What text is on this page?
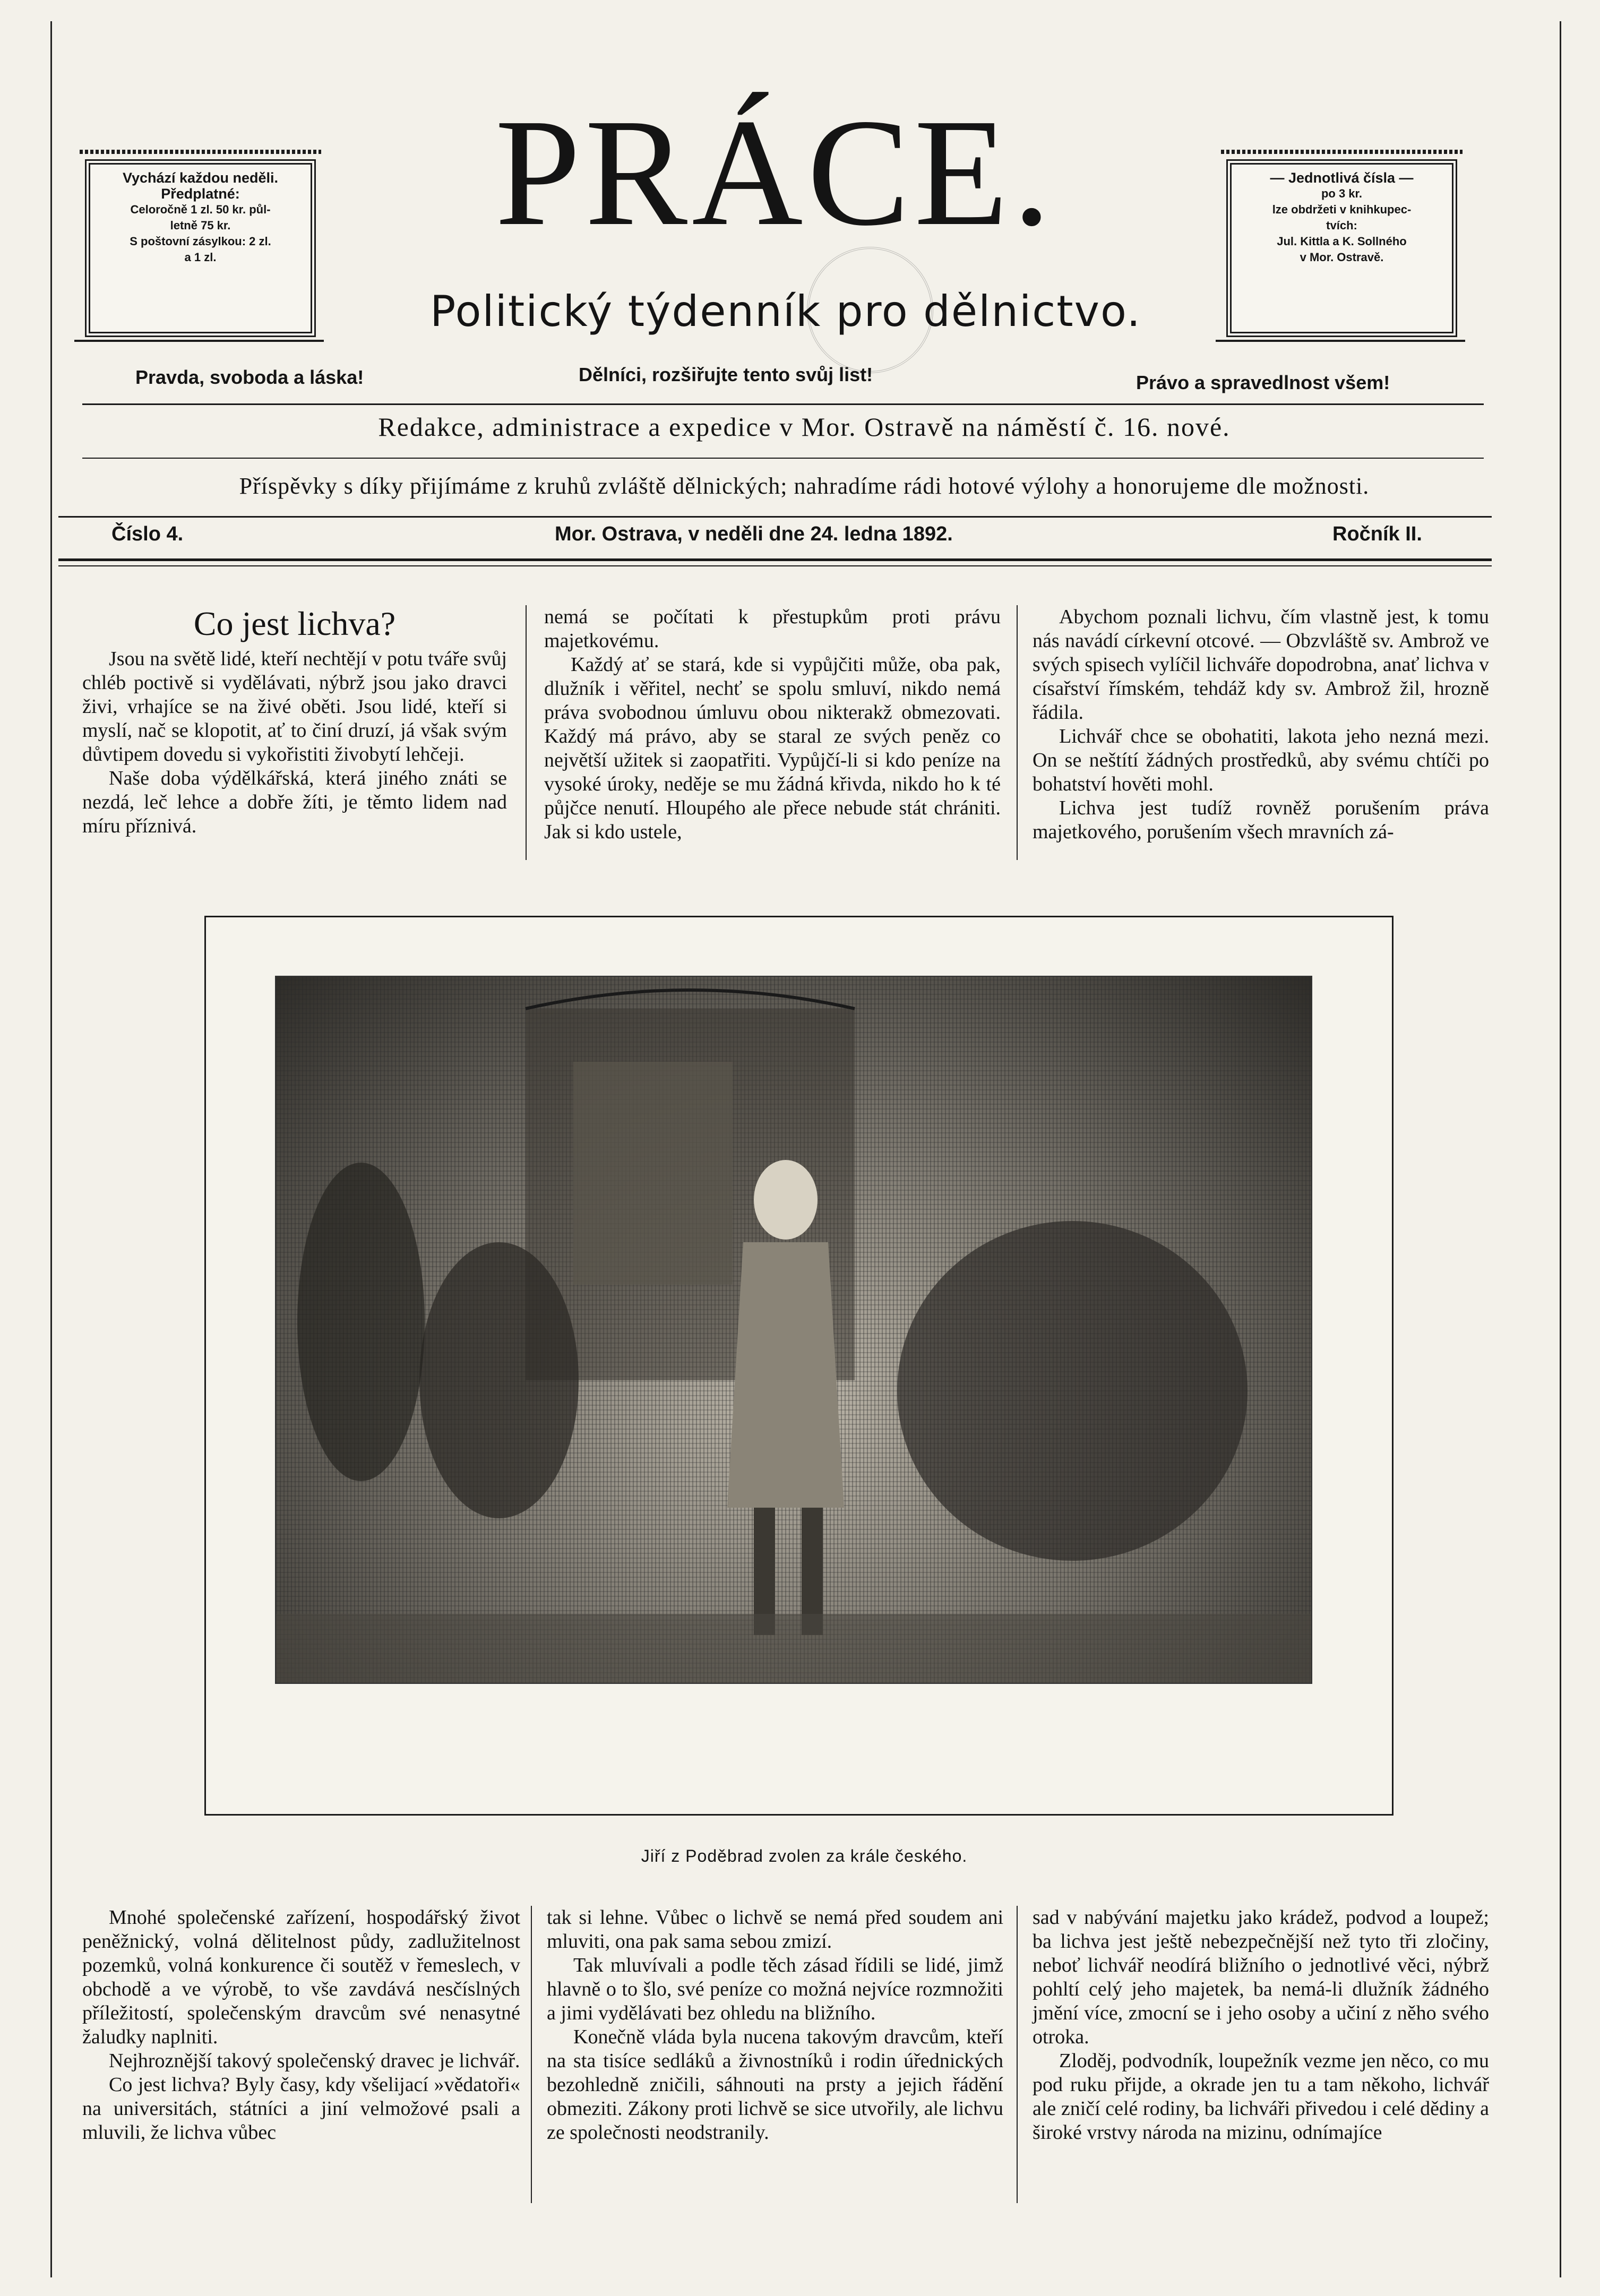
Vychází každou neděli.
Předplatné:
Celoročně 1 zl. 50 kr. půl-
letně 75 kr.
S poštovní zásylkou: 2 zl.
a 1 zl.
— Jednotlivá čísla —
po 3 kr.
lze obdržeti v knihkupec-
tvích:
Jul. Kittla a K. Sollného
v Mor. Ostravě.
PRÁCE.
Politický týdenník pro dělnictvo.
Pravda, svoboda a láska!	Dělníci, rozšiřujte tento svůj list!	Právo a spravedlnost všem!
Redakce, administrace a expedice v Mor. Ostravě na náměstí č. 16. nové.
Příspěvky s díky přijímáme z kruhů zvláště dělnických; nahradíme rádi hotové výlohy a honorujeme dle možnosti.
Číslo 4.	Mor. Ostrava, v neděli dne 24. ledna 1892.	Ročník II.
Co jest lichva?

Jsou na světě lidé, kteří nechtějí v potu tváře svůj chléb poctivě si vydělávati, nýbrž jsou jako dravci živi, vrhajíce se na živé oběti. Jsou lidé, kteří si myslí, nač se klopotit, ať to činí druzí, já však svým důvtipem dovedu si vykořistiti živobytí lehčeji.

Naše doba výdělkářská, která jiného znáti se nezdá, leč lehce a dobře žíti, je těmto lidem nad míru příznivá.

nemá se počítati k přestupkům proti právu majetkovému.

Každý ať se stará, kde si vypůjčiti může, oba pak, dlužník i věřitel, nechť se spolu smluví, nikdo nemá práva svobodnou úmluvu obou nikterakž obmezovati. Každý má právo, aby se staral ze svých peněz co největší užitek si zaopatřiti. Vypůjčí-li si kdo peníze na vysoké úroky, neděje se mu žádná křivda, nikdo ho k té půjčce nenutí. Hloupého ale přece nebude stát chrániti. Jak si kdo ustele,

Abychom poznali lichvu, čím vlastně jest, k tomu nás navádí církevní otcové. — Obzvláště sv. Ambrož ve svých spisech vylíčil lichváře dopodrobna, anať lichva v císařství římském, tehdáž kdy sv. Ambrož žil, hrozně řádila.

Lichvář chce se obohatiti, lakota jeho nezná mezi. On se neštítí žádných prostředků, aby svému chtíči po bohatství hověti mohl.

Lichva jest tudíž rovněž porušením práva majetkového, porušením všech mravních zá-

Jiří z Poděbrad zvolen za krále českého.

Mnohé společenské zařízení, hospodářský život peněžnický, volná dělitelnost půdy, zadlužitelnost pozemků, volná konkurence či soutěž v řemeslech, v obchodě a ve výrobě, to vše zavdává nesčíslných příležitostí, společenským dravcům své nenasytné žaludky naplniti.

Nejhroznější takový společenský dravec je lichvář.

Co jest lichva? Byly časy, kdy všelijací »vědatoři« na universitách, státníci a jiní velmožové psali a mluvili, že lichva vůbec

tak si lehne. Vůbec o lichvě se nemá před soudem ani mluviti, ona pak sama sebou zmizí.

Tak mluvívali a podle těch zásad řídili se lidé, jimž hlavně o to šlo, své peníze co možná nejvíce rozmnožiti a jimi vydělávati bez ohledu na bližního.

Konečně vláda byla nucena takovým dravcům, kteří na sta tisíce sedláků a živnostníků i rodin úřednických bezohledně zničili, sáhnouti na prsty a jejich řádění obmeziti. Zákony proti lichvě se sice utvořily, ale lichvu ze společnosti neodstranily.

sad v nabývání majetku jako krádež, podvod a loupež; ba lichva jest ještě nebezpečnější než tyto tři zločiny, neboť lichvář neodírá bližního o jednotlivé věci, nýbrž pohltí celý jeho majetek, ba nemá-li dlužník žádného jmění více, zmocní se i jeho osoby a učiní z něho svého otroka.

Zloděj, podvodník, loupežník vezme jen něco, co mu pod ruku přijde, a okrade jen tu a tam někoho, lichvář ale zničí celé rodiny, ba lichváři přivedou i celé dědiny a široké vrstvy národa na mizinu, odnímajíce
